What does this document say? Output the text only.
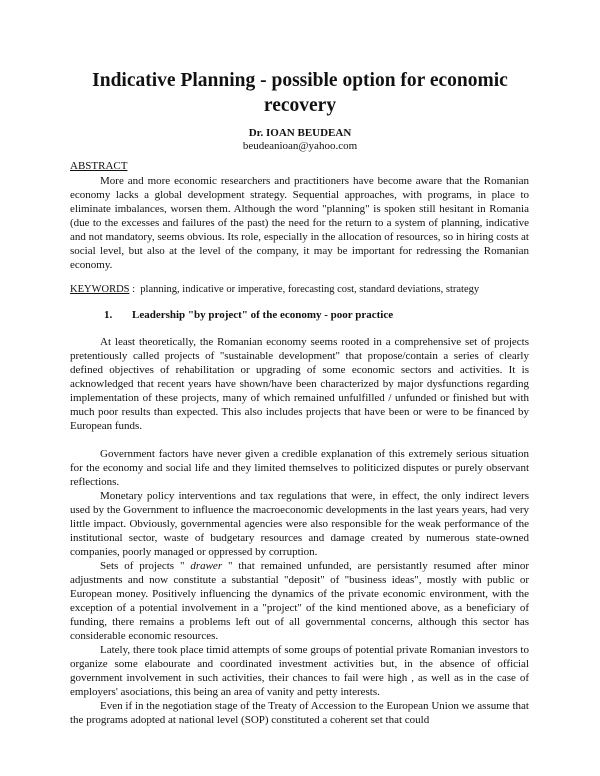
Indicative Planning - possible option for economic recovery
Dr. IOAN BEUDEAN
beudeanioan@yahoo.com
ABSTRACT

More and more economic researchers and practitioners have become aware that the Romanian economy lacks a global development strategy. Sequential approaches, with programs, in place to eliminate imbalances, worsen them. Although the word "planning" is spoken still hesitant in Romania (due to the excesses and failures of the past) the need for the return to a system of planning, indicative and not mandatory, seems obvious. Its role, especially in the allocation of resources, so in hiring costs at social level, but also at the level of the company, it may be important for redressing the Romanian economy.

KEYWORDS :  planning, indicative or imperative, forecasting cost, standard deviations, strategy
1. Leadership "by project" of the economy - poor practice

At least theoretically, the Romanian economy seems rooted in a comprehensive set of projects pretentiously called projects of "sustainable development" that propose/contain a series of clearly defined objectives of rehabilitation or upgrading of some economic sectors and activities. It is acknowledged that recent years have shown/have been characterized by major dysfunctions regarding implementation of these projects, many of which remained unfulfilled / unfunded or finished but with much poor results than expected. This also includes projects that have been or were to be financed by European funds.

Government factors have never given a credible explanation of this extremely serious situation for the economy and social life and they limited themselves to politicized disputes or purely observant reflections.

Monetary policy interventions and tax regulations that were, in effect, the only indirect levers used by the Government to influence the macroeconomic developments in the last years years, had very little impact. Obviously, governmental agencies were also responsible for the weak performance of the institutional sector, waste of budgetary resources and damage created by numerous state-owned companies, poorly managed or oppressed by corruption.

Sets of projects " drawer " that remained unfunded, are persistantly resumed after minor adjustments and now constitute a substantial "deposit" of "business ideas", mostly with public or European money. Positively influencing the dynamics of the private economic environment, with the exception of a potential involvement in a "project" of the kind mentioned above, as a beneficiary of funding, there remains a problems left out of all governmental concerns, although this sector has considerable economic resources.

Lately, there took place timid attempts of some groups of potential private Romanian investors to organize some elabourate and coordinated investment activities but, in the absence of official government involvement in such activities, their chances to fail were high , as well as in the case of employers' asociations, this being an area of vanity and petty interests.

Even if in the negotiation stage of the Treaty of Accession to the European Union we assume that the programs adopted at national level (SOP) constituted a coherent set that could
